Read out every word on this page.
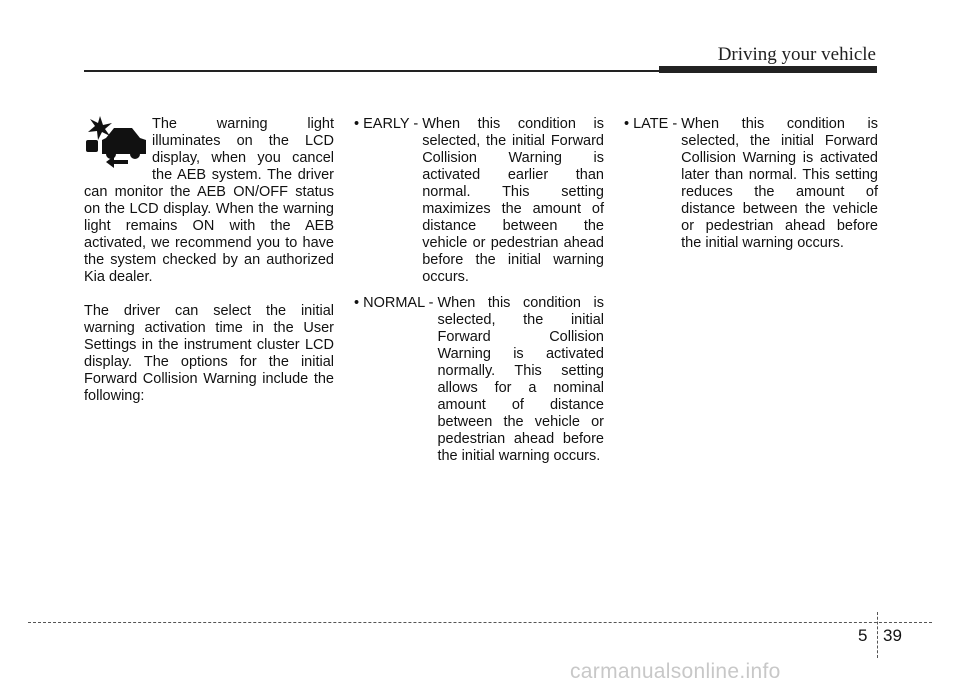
Driving your vehicle

The warning light illuminates on the LCD display, when you cancel the AEB system. The driver can monitor the AEB ON/OFF status on the LCD display. When the warning light remains ON with the AEB activated, we recommend you to have the system checked by an authorized Kia dealer.

The driver can select the initial warning activation time in the User Settings in the instrument cluster LCD display. The options for the initial Forward Collision Warning include the following:

• EARLY - When this condition is selected, the initial Forward Collision Warning is activated earlier than normal. This setting maximizes the amount of distance between the vehicle or pedestrian ahead before the initial warning occurs.
• NORMAL - When this condition is selected, the initial Forward Collision Warning is activated normally. This setting allows for a nominal amount of distance between the vehicle or pedestrian ahead before the initial warning occurs.
• LATE - When this condition is selected, the initial Forward Collision Warning is activated later than normal. This setting reduces the amount of distance between the vehicle or pedestrian ahead before the initial warning occurs.
5 39
carmanualsonline.info
